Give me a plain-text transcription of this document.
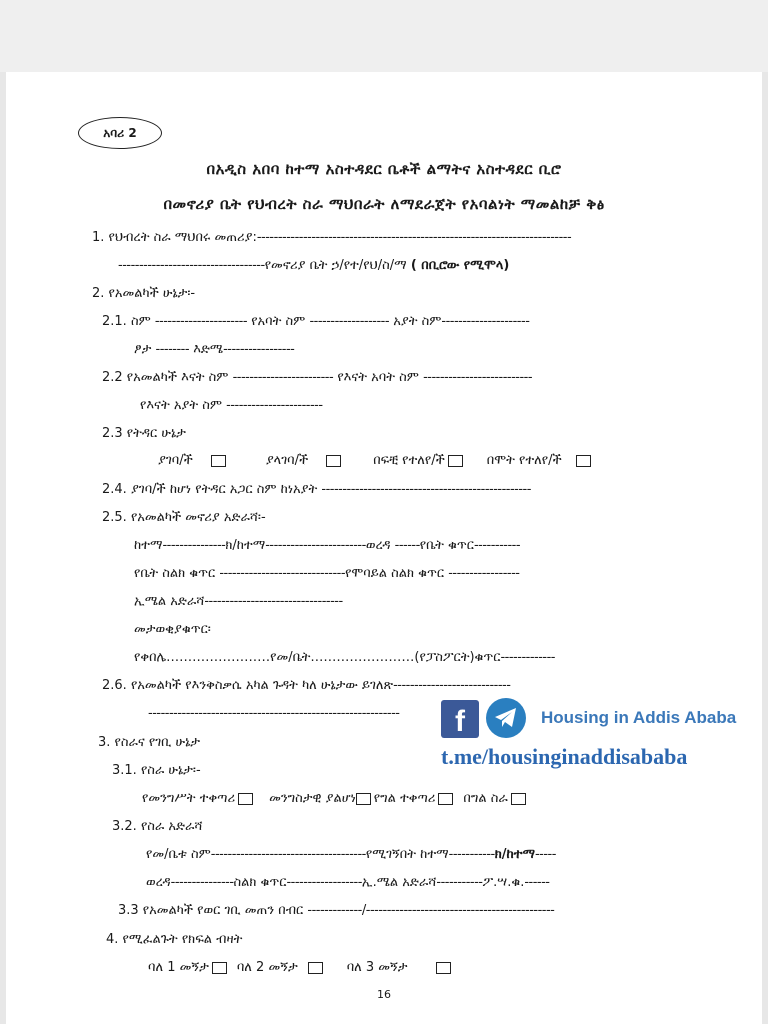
አባሪ 2
በአዲስ አበባ ከተማ አስተዳደር ቤቶች ልማትና አስተዳደር ቢሮ
በመኖሪያ ቤት የህብረት ስራ ማህበራት ለማደራጀት የአባልነት ማመልከቻ ቅፅ
1. የህብረት ስራ ማህበሩ መጠሪያ:---------------------------------------------------------------------------
-----------------------------------የመኖሪያ ቤት ኃ/የተ/የህ/ስ/ማ ( በቢሮው የሚሞላ)
2. የአመልካች ሁኔታ፡-
2.1. ስም ---------------------- የአባት ስም ------------------- አያት ስም---------------------
ፆታ -------- እድሜ-----------------
2.2 የአመልካች እናት ስም ------------------------ የእናት አባት ስም --------------------------
የእናት አያት ስም -----------------------
2.3 የትዳር ሁኔታ
ያገባ/ች	ያላገባ/ች	በፍቺ የተለየ/ች	በሞት የተለየ/ች
2.4. ያገባ/ች ከሆነ የትዳር አጋር ስም ከነአያት --------------------------------------------------
2.5. የአመልካች መኖሪያ አድራሻ፡-
ከተማ---------------ክ/ከተማ------------------------ወረዳ ------የቤት ቁጥር-----------
የቤት ስልክ ቁጥር ------------------------------የሞባይል ስልክ ቁጥር -----------------
ኢሜል አድራሻ---------------------------------
መታወቂያቁጥር፡
የቀበሌ……………………የመ/ቤት……………………(የፓስፖርት)ቁጥር-------------
2.6. የአመልካች የእንቅስቃሴ አካል ጉዳት ካለ ሁኔታው ይገለጽ----------------------------
------------------------------------------------------------
3. የስራና የገቢ ሁኔታ
3.1. የስራ ሁኔታ፡-
የመንግሥት ተቀጣሪ	መንግስታዊ ያልሆነ የግል ተቀጣሪ በግል ስራ
3.2. የስራ አድራሻ
የመ/ቤቱ ስም-------------------------------------የሚገኝበት ከተማ-----------ክ/ከተማ-----
ወረዳ---------------ስልክ ቁጥር------------------ኢ.ሜል አድራሻ-----------ፖ.ሣ.ቁ.------
3.3 የአመልካች የወር ገቢ መጠን በብር -------------/---------------------------------------------
4. የሚፈልጉት የክፍል ብዛት
ባለ 1 መኝታ ባለ 2 መኝታ	ባለ 3 መኝታ
16
f	Housing in Addis Ababa
t.me/housinginaddisababa
